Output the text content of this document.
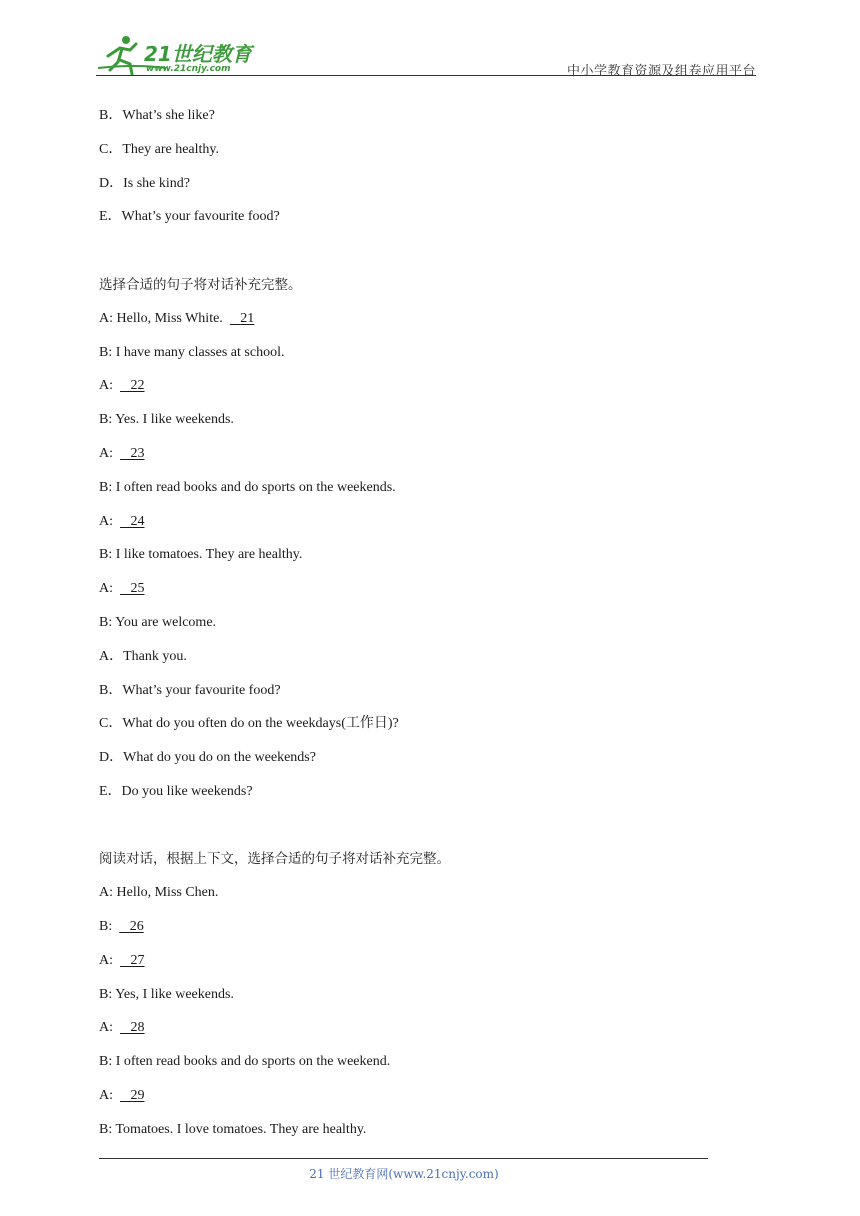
21世纪教育
www.21cnjy.com	中小学教育资源及组卷应用平台
B．What’s she like?
C．They are healthy.
D．Is she kind?
E．What’s your favourite food?
选择合适的句子将对话补充完整。
A: Hello, Miss White.     21
B: I have many classes at school.
A:     22
B: Yes. I like weekends.
A:     23
B: I often read books and do sports on the weekends.
A:     24
B: I like tomatoes. They are healthy.
A:     25
B: You are welcome.
A．Thank you.
B．What’s your favourite food?
C．What do you often do on the weekdays(工作日)?
D．What do you do on the weekends?
E．Do you like weekends?
阅读对话，根据上下文，选择合适的句子将对话补充完整。
A: Hello, Miss Chen.
B:     26
A:     27
B: Yes, I like weekends.
A:     28
B: I often read books and do sports on the weekend.
A:     29
B: Tomatoes. I love tomatoes. They are healthy.
21 世纪教育网(www.21cnjy.com)
